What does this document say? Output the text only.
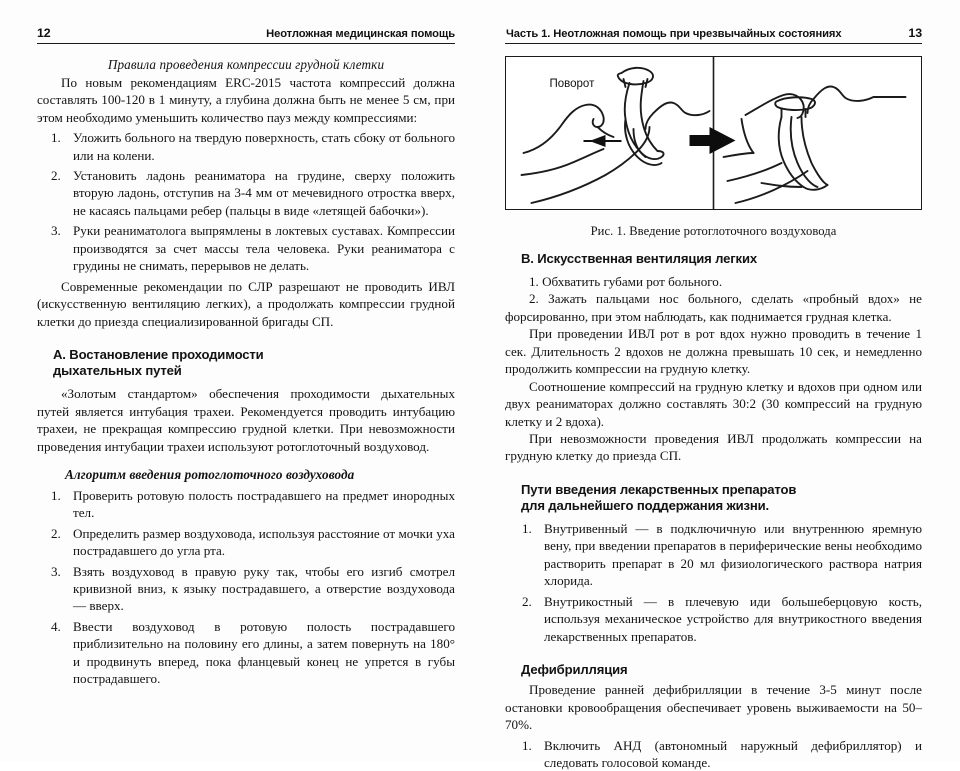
12	Неотложная медицинская помощь
Правила проведения компрессии грудной клетки

По новым рекомендациям ERC-2015 частота компрессий должна составлять 100-120 в 1 минуту, а глубина должна быть не менее 5 см, при этом необходимо уменьшить количество пауз между компрессиями:

Уложить больного на твердую поверхность, стать сбоку от больного или на колени.
Установить ладонь реаниматора на грудине, сверху положить вторую ладонь, отступив на 3-4 мм от мечевидного отростка вверх, не касаясь пальцами ребер (пальцы в виде «летящей бабочки»).
Руки реаниматолога выпрямлены в локтевых суставах. Компрессии производятся за счет массы тела человека. Руки реаниматора с грудины не снимать, перерывов не делать.

Современные рекомендации по СЛР разрешают не проводить ИВЛ (искусственную вентиляцию легких), а продолжать компрессии грудной клетки до приезда специализированной бригады СП.

А. Востановление проходимости
дыхательных путей

«Золотым стандартом» обеспечения проходимости дыхательных путей является интубация трахеи. Рекомендуется проводить интубацию трахеи, не прекращая компрессию грудной клетки. При невозможности проведения интубации трахеи используют ротоглоточный воздуховод.

Алгоритм введения ротоглоточного воздуховода
Проверить ротовую полость пострадавшего на предмет инородных тел.
Определить размер воздуховода, используя расстояние от мочки уха пострадавшего до угла рта.
Взять воздуховод в правую руку так, чтобы его изгиб смотрел кривизной вниз, к языку пострадавшего, а отверстие воздуховода — вверх.
Ввести воздуховод в ротовую полость пострадавшего приблизительно на половину его длины, а затем повернуть на 180° и продвинуть вперед, пока фланцевый конец не упрется в губы пострадавшего.
Часть 1. Неотложная помощь при чрезвычайных состояниях	13
Поворот
Рис. 1. Введение ротоглоточного воздуховода
В. Искусственная вентиляция легких

1. Обхватить губами рот больного.

2. Зажать пальцами нос больного, сделать «пробный вдох» не форсированно, при этом наблюдать, как поднимается грудная клетка.

При проведении ИВЛ рот в рот вдох нужно проводить в течение 1 сек. Длительность 2 вдохов не должна превышать 10 сек, и немедленно продолжить компрессии на грудную клетку.

Соотношение компрессий на грудную клетку и вдохов при одном или двух реаниматорах должно составлять 30:2 (30 компрессий на грудную клетку и 2 вдоха).

При невозможности проведения ИВЛ продолжать компрессии на грудную клетку до приезда СП.

Пути введения лекарственных препаратов
для дальнейшего поддержания жизни.
Внутривенный — в подключичную или внутреннюю яремную вену, при введении препаратов в периферические вены необходимо растворить препарат в 20 мл физиологического раствора натрия хлорида.
Внутрикостный — в плечевую иди большеберцовую кость, используя механическое устройство для внутрикостного введения лекарственных препаратов.
Дефибрилляция

Проведение ранней дефибрилляции в течение 3-5 минут после остановки кровообращения обеспечивает уровень выживаемости на 50–70%.

Включить АНД (автономный наружный дефибриллятор) и следовать голосовой команде.
